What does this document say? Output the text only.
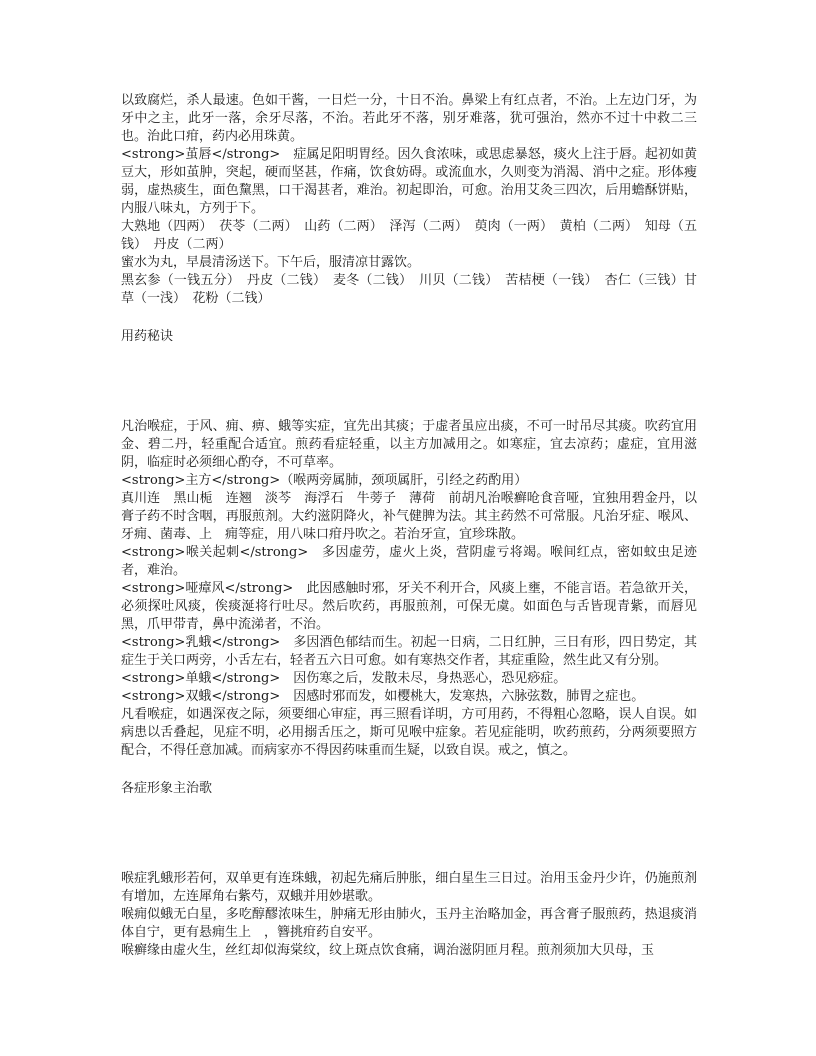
以致腐烂，杀人最速。色如干酱，一日烂一分，十日不治。鼻梁上有红点者，不治。上左边门牙，为牙中之主，此牙一落，余牙尽落，不治。若此牙不落，别牙难落，犹可强治，然亦不过十中救二三也。治此口疳，药内必用珠黄。

<strong>茧唇</strong>　症属足阳明胃经。因久食浓味，或思虑暴怒，痰火上注于唇。起初如黄豆大，形如茧肿，突起，硬而坚甚，作痛，饮食妨碍。或流血水，久则变为消渴、消中之症。形体瘦弱，虚热痰生，面色黧黑，口干渴甚者，难治。初起即治，可愈。治用艾灸三四次，后用蟾酥饼贴，内服八味丸，方列于下。

大熟地（四两）　茯苓（二两）　山药（二两）　泽泻（二两）　萸肉（一两）　黄柏（二两）　知母（五钱）　丹皮（二两）

蜜水为丸，早晨清汤送下。下午后，服清凉甘露饮。

黑玄参（一钱五分）　丹皮（二钱）　麦冬（二钱）　川贝（二钱）　苦桔梗（一钱）　杏仁（三钱）甘草（一浅）　花粉（二钱）

用药秘诀

凡治喉症，于风、痈、痹、蛾等实症，宜先出其痰；于虚者虽应出痰，不可一时吊尽其痰。吹药宜用金、碧二丹，轻重配合适宜。煎药看症轻重，以主方加减用之。如寒症，宜去凉药；虚症，宜用滋阴，临症时必须细心酌夺，不可草率。

<strong>主方</strong>（喉两旁属肺，颈项属肝，引经之药酌用）

真川连　黑山栀　连翘　淡芩　海浮石　牛蒡子　薄荷　前胡凡治喉癣呛食音哑，宜独用碧金丹，以膏子药不时含咽，再服煎剂。大约滋阴降火，补气健脾为法。其主药然不可常服。凡治牙症、喉风、牙痈、菌毒、上　痈等症，用八味口疳丹吹之。若治牙宣，宜珍珠散。

<strong>喉关起刺</strong>　多因虚劳，虚火上炎，营阴虚亏将竭。喉间红点，密如蚊虫足迹者，难治。

<strong>哑瘴风</strong>　此因感触时邪，牙关不利开合，风痰上壅，不能言语。若急欲开关，必须探吐风痰，俟痰涎将行吐尽。然后吹药，再服煎剂，可保无虞。如面色与舌皆现青紫，而唇见黑，爪甲带青，鼻中流涕者，不治。

<strong>乳蛾</strong>　多因酒色郁结而生。初起一日病，二日红肿，三日有形，四日势定，其症生于关口两旁，小舌左右，轻者五六日可愈。如有寒热交作者，其症重险，然生此又有分别。

<strong>单蛾</strong>　因伤寒之后，发散未尽，身热恶心，恐见痧症。

<strong>双蛾</strong>　因感时邪而发，如樱桃大，发寒热，六脉弦数，肺胃之症也。

凡看喉症，如遇深夜之际，须要细心审症，再三照看详明，方可用药，不得粗心忽略，误人自误。如病患以舌叠起，见症不明，必用搦舌压之，斯可见喉中症象。若见症能明，吹药煎药，分两须要照方配合，不得任意加减。而病家亦不得因药味重而生疑，以致自误。戒之，慎之。

各症形象主治歌

喉症乳蛾形若何，双单更有连珠蛾，初起先痛后肿胀，细白星生三日过。治用玉金丹少许，仍施煎剂有增加，左连犀角右紫芍，双蛾并用妙堪歌。

喉痈似蛾无白星，多吃醇醪浓味生，肿痛无形由肺火，玉丹主治略加金，再含膏子服煎药，热退痰消体自宁，更有悬痈生上　，簪挑疳药自安平。

喉癣缘由虚火生，丝红却似海棠纹，纹上斑点饮食痛，调治滋阴匝月程。煎剂须加大贝母，玉
